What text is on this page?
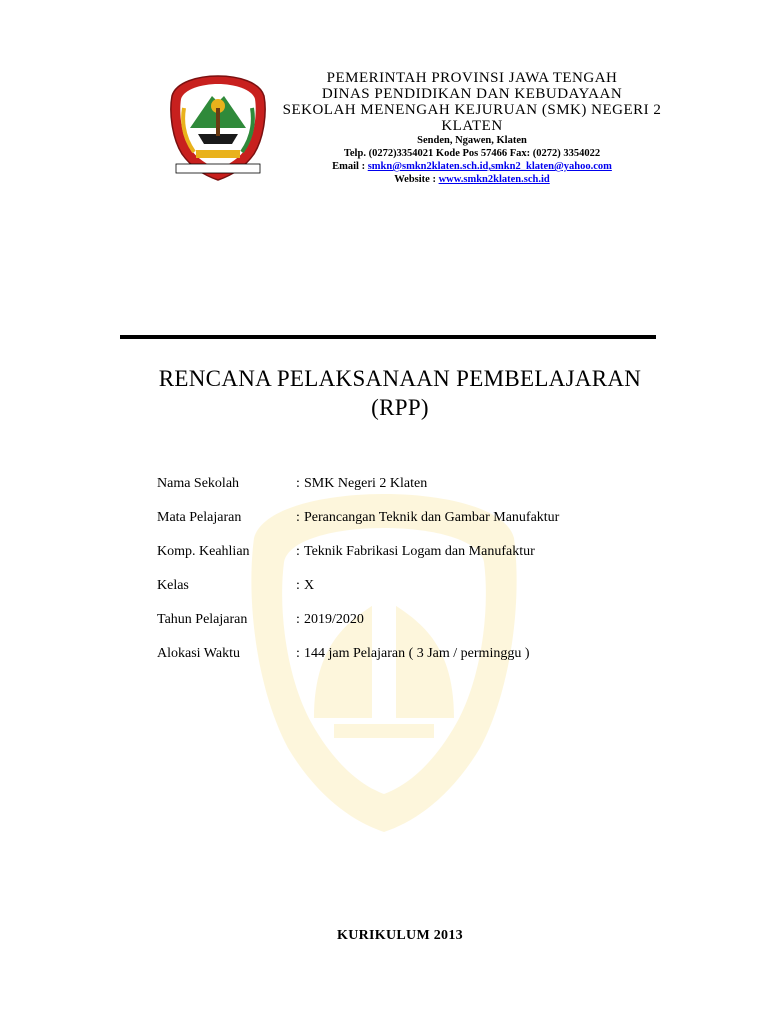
PEMERINTAH PROVINSI JAWA TENGAH
DINAS PENDIDIKAN DAN KEBUDAYAAN
SEKOLAH MENENGAH KEJURUAN (SMK) NEGERI 2
KLATEN
Senden, Ngawen, Klaten
Telp. (0272)3354021 Kode Pos 57466 Fax: (0272) 3354022
Email : smkn@smkn2klaten.sch.id,smkn2_klaten@yahoo.com
Website : www.smkn2klaten.sch.id
RENCANA PELAKSANAAN PEMBELAJARAN
(RPP)
Nama Sekolah	: SMK Negeri 2 Klaten
Mata Pelajaran	: Perancangan Teknik dan Gambar Manufaktur
Komp. Keahlian	: Teknik Fabrikasi Logam dan Manufaktur
Kelas	: X
Tahun Pelajaran	: 2019/2020
Alokasi Waktu	: 144 jam Pelajaran ( 3 Jam / perminggu )
KURIKULUM 2013
